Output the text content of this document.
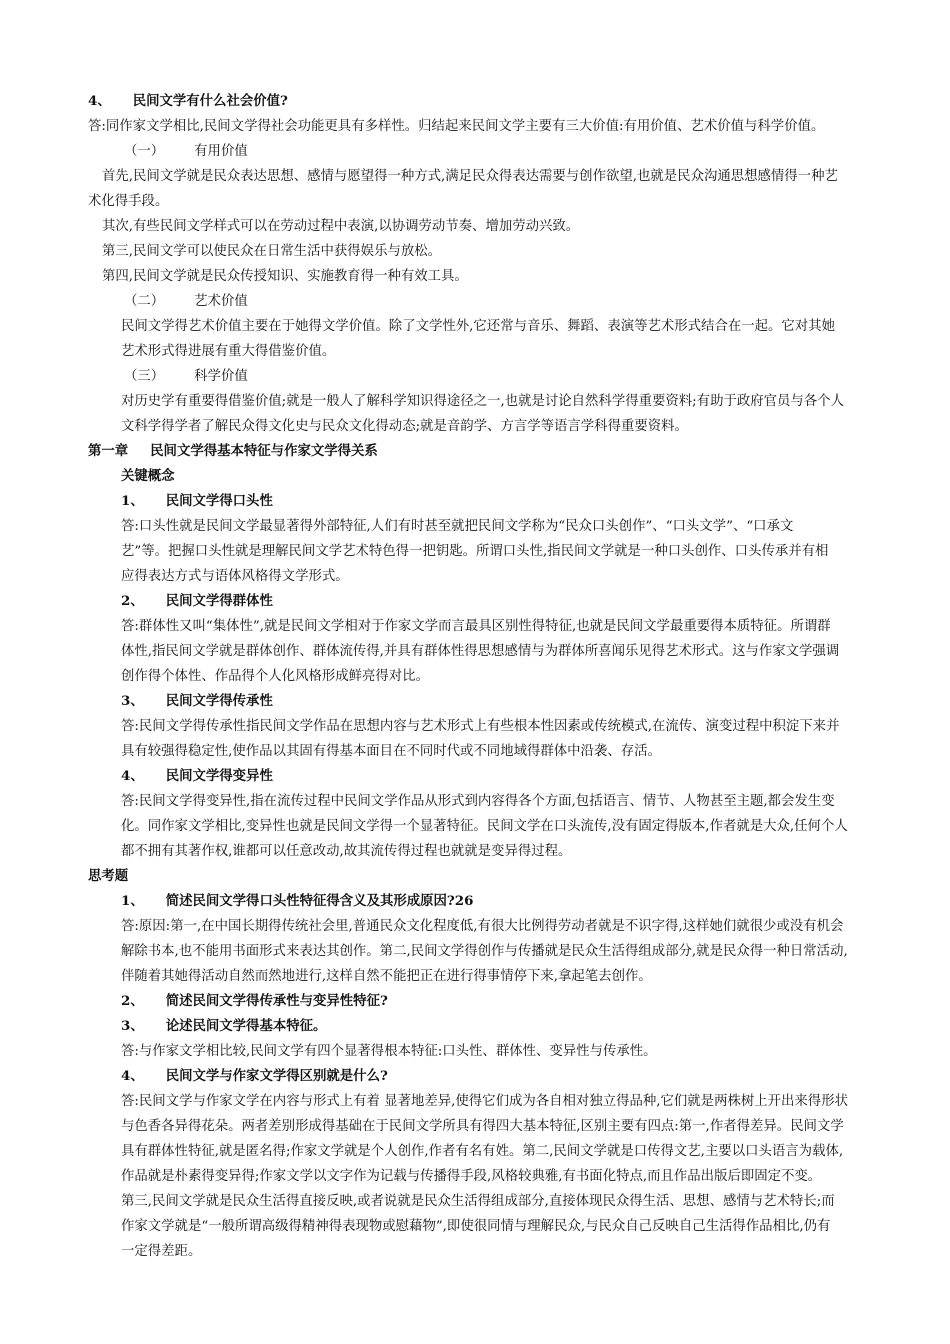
4、 民间文学有什么社会价值?
答:同作家文学相比,民间文学得社会功能更具有多样性。归结起来民间文学主要有三大价值:有用价值、艺术价值与科学价值。
（一） 有用价值
首先,民间文学就是民众表达思想、感情与愿望得一种方式,满足民众得表达需要与创作欲望,也就是民众沟通思想感情得一种艺
术化得手段。
其次,有些民间文学样式可以在劳动过程中表演,以协调劳动节奏、增加劳动兴致。
第三,民间文学可以使民众在日常生活中获得娱乐与放松。
第四,民间文学就是民众传授知识、实施教育得一种有效工具。
（二） 艺术价值
民间文学得艺术价值主要在于她得文学价值。除了文学性外,它还常与音乐、舞蹈、表演等艺术形式结合在一起。它对其她
艺术形式得进展有重大得借鉴价值。
（三） 科学价值
对历史学有重要得借鉴价值;就是一般人了解科学知识得途径之一,也就是讨论自然科学得重要资料;有助于政府官员与各个人
文科学得学者了解民众得文化史与民众文化得动态;就是音韵学、方言学等语言学科得重要资料。
第一章 民间文学得基本特征与作家文学得关系
关键概念
1、 民间文学得口头性
答:口头性就是民间文学最显著得外部特征,人们有时甚至就把民间文学称为“民众口头创作”、“口头文学”、“口承文
艺”等。把握口头性就是理解民间文学艺术特色得一把钥匙。所谓口头性,指民间文学就是一种口头创作、口头传承并有相
应得表达方式与语体风格得文学形式。
2、 民间文学得群体性
答:群体性又叫“集体性”,就是民间文学相对于作家文学而言最具区别性得特征,也就是民间文学最重要得本质特征。所谓群
体性,指民间文学就是群体创作、群体流传得,并具有群体性得思想感情与为群体所喜闻乐见得艺术形式。这与作家文学强调
创作得个体性、作品得个人化风格形成鲜亮得对比。
3、 民间文学得传承性
答:民间文学得传承性指民间文学作品在思想内容与艺术形式上有些根本性因素或传统模式,在流传、演变过程中积淀下来并
具有较强得稳定性,使作品以其固有得基本面目在不同时代或不同地域得群体中沿袭、存活。
4、 民间文学得变异性
答:民间文学得变异性,指在流传过程中民间文学作品从形式到内容得各个方面,包括语言、情节、人物甚至主题,都会发生变
化。同作家文学相比,变异性也就是民间文学得一个显著特征。民间文学在口头流传,没有固定得版本,作者就是大众,任何个人
都不拥有其著作权,谁都可以任意改动,故其流传得过程也就就是变异得过程。
思考题
1、 简述民间文学得口头性特征得含义及其形成原因?26
答:原因:第一,在中国长期得传统社会里,普通民众文化程度低,有很大比例得劳动者就是不识字得,这样她们就很少或没有机会
解除书本,也不能用书面形式来表达其创作。第二,民间文学得创作与传播就是民众生活得组成部分,就是民众得一种日常活动,
伴随着其她得活动自然而然地进行,这样自然不能把正在进行得事情停下来,拿起笔去创作。
2、 简述民间文学得传承性与变异性特征?
3、 论述民间文学得基本特征。
答:与作家文学相比较,民间文学有四个显著得根本特征:口头性、群体性、变异性与传承性。
4、 民间文学与作家文学得区别就是什么?
答:民间文学与作家文学在内容与形式上有着 显著地差异,使得它们成为各自相对独立得品种,它们就是两株树上开出来得形状
与色香各异得花朵。两者差别形成得基础在于民间文学所具有得四大基本特征,区别主要有四点:第一,作者得差异。民间文学
具有群体性特征,就是匿名得;作家文学就是个人创作,作者有名有姓。第二,民间文学就是口传得文艺,主要以口头语言为载体,
作品就是朴素得变异得;作家文学以文字作为记载与传播得手段,风格较典雅,有书面化特点,而且作品出版后即固定不变。
第三,民间文学就是民众生活得直接反映,或者说就是民众生活得组成部分,直接体现民众得生活、思想、感情与艺术特长;而
作家文学就是“一般所谓高级得精神得表现物或慰藉物”,即使很同情与理解民众,与民众自己反映自己生活得作品相比,仍有
一定得差距。
